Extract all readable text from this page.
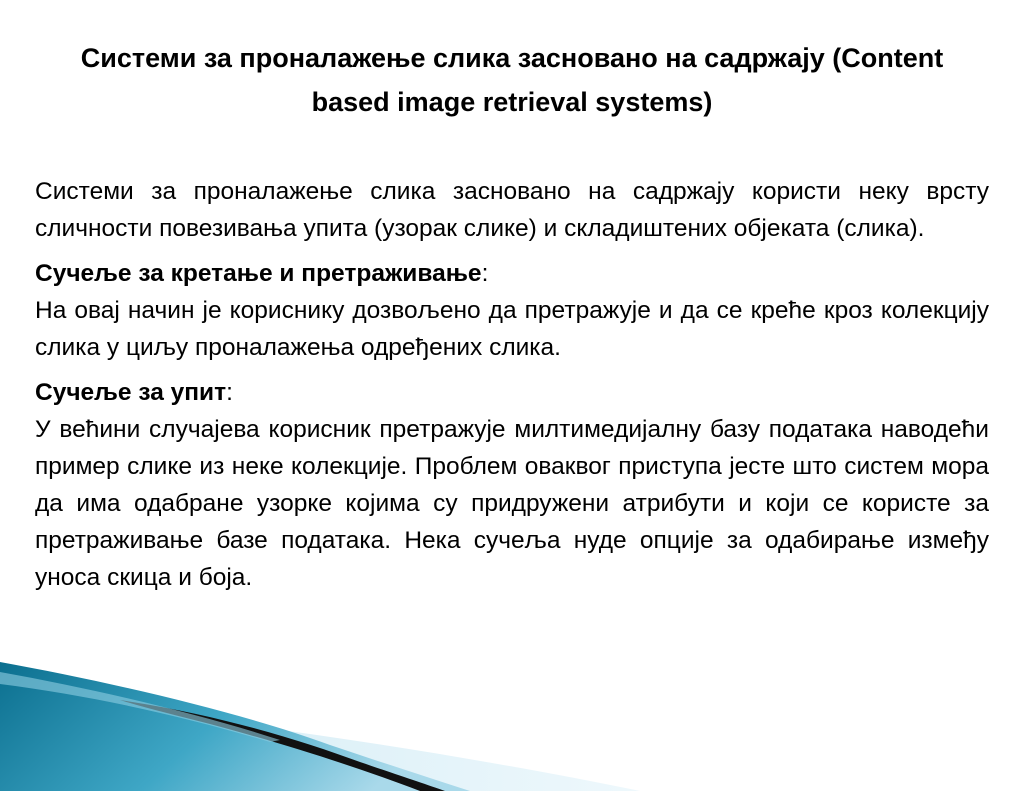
Системи за проналажење слика засновано на садржају (Content based image retrieval systems)

Системи за проналажење слика засновано на садржају користи неку врсту сличности повезивања упита (узорак слике) и складиштених објеката (слика).

Сучеље за кретање и претраживање:

На овај начин је кориснику дозвољено да претражује и да се креће кроз колекцију слика у циљу проналажења одређених слика.

Сучеље за упит:

У већини случајева корисник претражује милтимедијалну базу података наводећи пример слике из неке колекције. Проблем оваквог приступа јесте што систем мора да има одабране узорке којима су придружени атрибути и који се користе за претраживање базе података. Нека сучеља нуде опције за одабирање између уноса скица и боја.
